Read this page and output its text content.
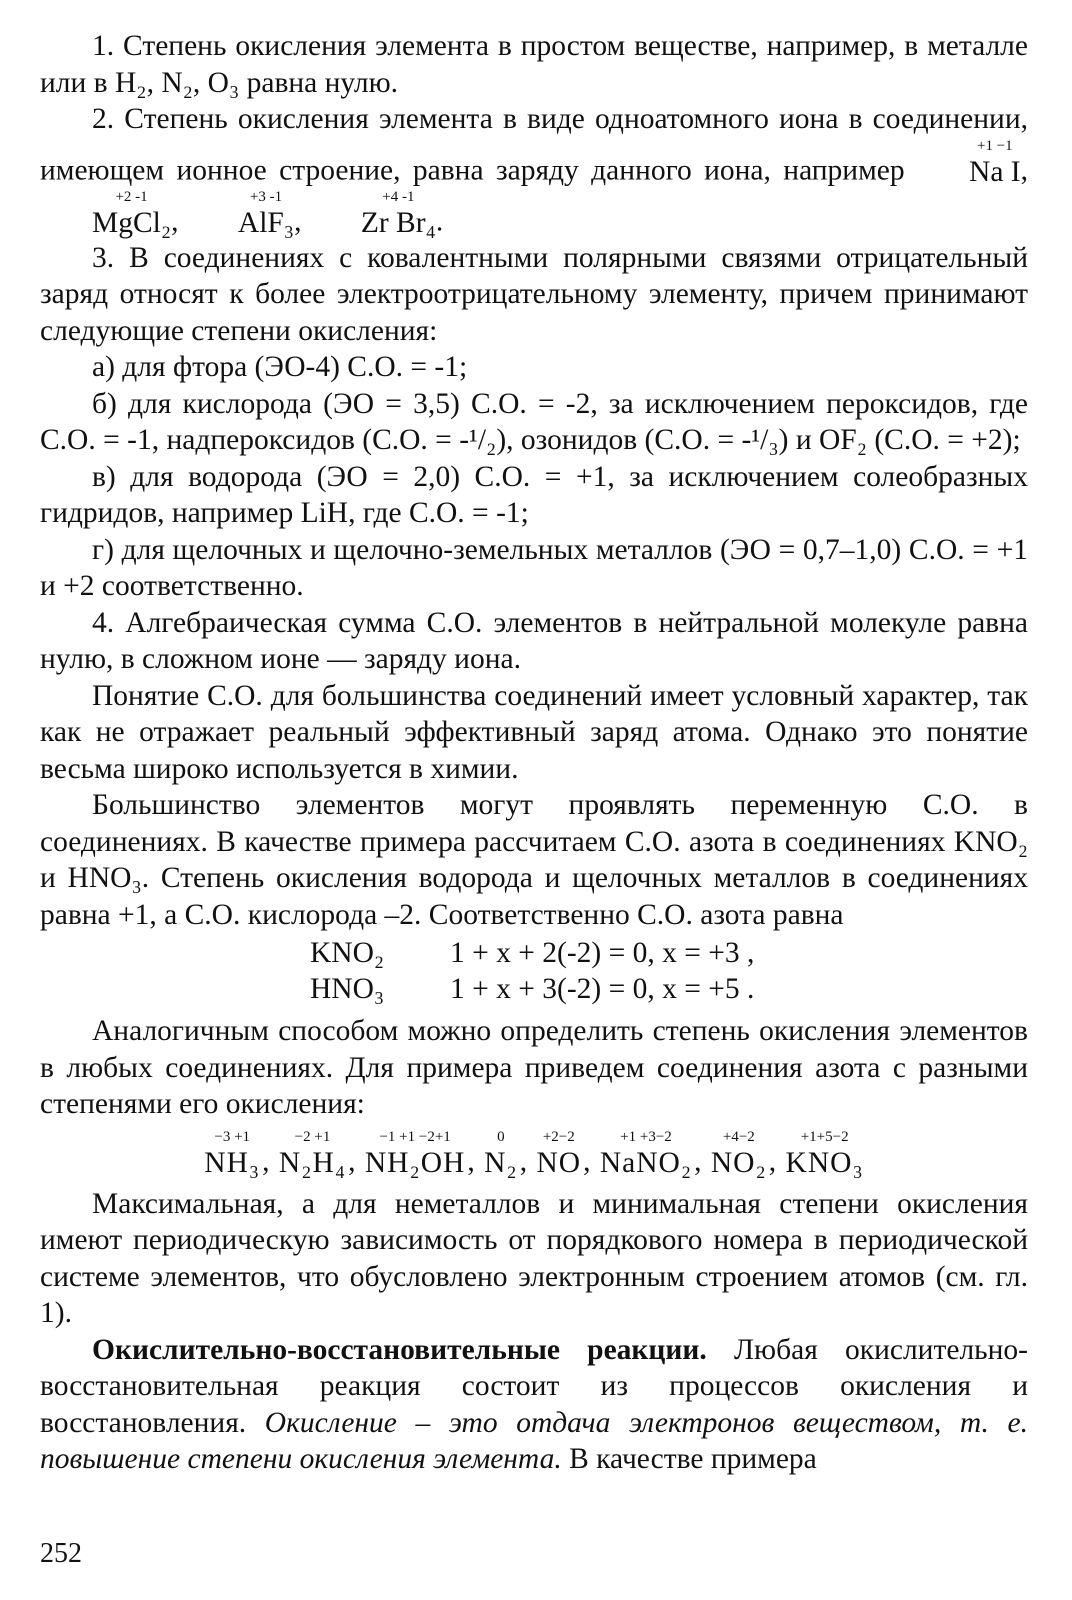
1. Степень окисления элемента в простом веществе, например, в металле или в H₂, N₂, O₃ равна нулю.

2. Степень окисления элемента в виде одноатомного иона в соединении, имеющем ионное строение, равна заряду данного иона, например
+1 −1
Na I ,
+2 -1
MgCl₂ ,
+3 -1
AlF₃ ,
+4 -1
Zr Br₄ .

3. В соединениях с ковалентными полярными связями отрицательный заряд относят к более электроотрицательному элементу, причем принимают следующие степени окисления:

а) для фтора (ЭО-4) С.О. = -1;

б) для кислорода (ЭО = 3,5) С.О. = -2, за исключением пероксидов, где С.О. = -1, надпероксидов (С.О. = -¹/₂), озонидов (С.О. = -¹/₃) и OF₂ (С.О. = +2);

в) для водорода (ЭО = 2,0) С.О. = +1, за исключением солеобразных гидридов, например LiH, где С.О. = -1;

г) для щелочных и щелочно-земельных металлов (ЭО = 0,7–1,0) С.О. = +1 и +2 соответственно.

4. Алгебраическая сумма С.О. элементов в нейтральной молекуле равна нулю, в сложном ионе — заряду иона.

Понятие С.О. для большинства соединений имеет условный характер, так как не отражает реальный эффективный заряд атома. Однако это понятие весьма широко используется в химии.

Большинство элементов могут проявлять переменную С.О. в соединениях. В качестве примера рассчитаем С.О. азота в соединениях KNO₂ и HNO₃. Степень окисления водорода и щелочных металлов в соединениях равна +1, а С.О. кислорода –2. Соответственно С.О. азота равна

KNO₂	1 + x + 2(-2) = 0, x = +3 ,
HNO₃	1 + x + 3(-2) = 0, x = +5 .

Аналогичным способом можно определить степень окисления элементов в любых соединениях. Для примера приведем соединения азота с разными степенями его окисления:

−3 +1
NH₃ ,
−2 +1
N₂H₄ ,
−1 +1 −2+1
NH₂OH ,
0
N₂ ,
+2−2
NO ,
+1 +3−2
NaNO₂ ,
+4−2
NO₂ ,
+1+5−2
KNO₃

Максимальная, а для неметаллов и минимальная степени окисления имеют периодическую зависимость от порядкового номера в периодической системе элементов, что обусловлено электронным строением атомов (см. гл. 1).

Окислительно-восстановительные реакции. Любая окислительно-восстановительная реакция состоит из процессов окисления и восстановления. Окисление – это отдача электронов веществом, т. е. повышение степени окисления элемента. В качестве примера

252
